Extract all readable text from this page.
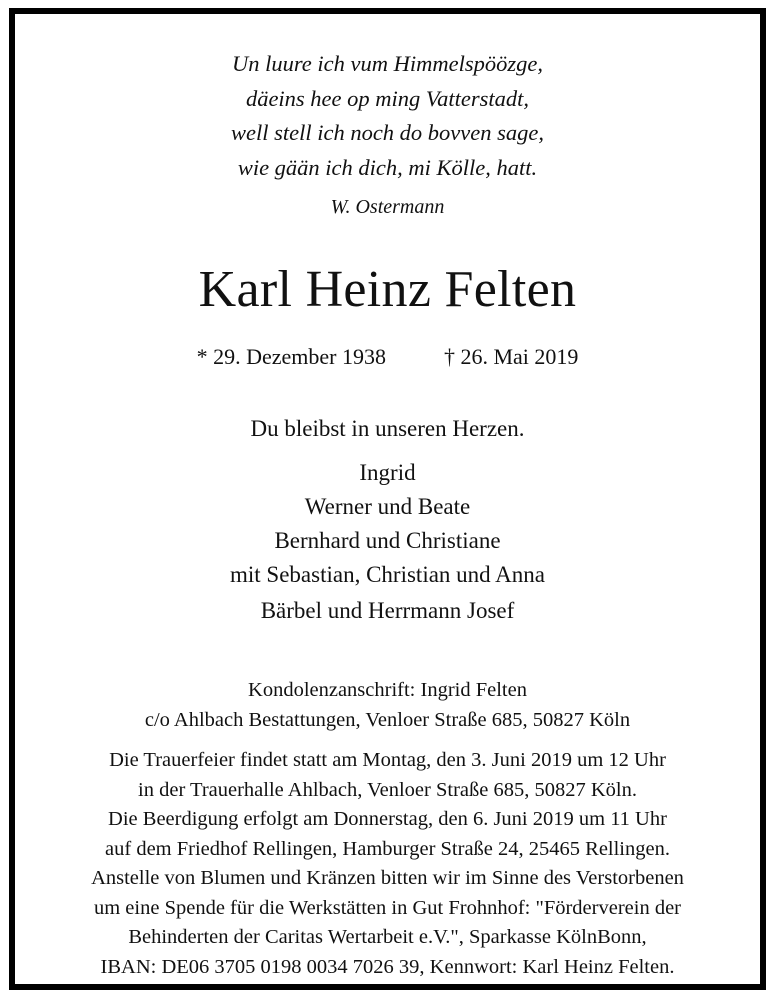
Un luure ich vum Himmelspöözge,
däeins hee op ming Vatterstadt,
well stell ich noch do bovven sage,
wie gään ich dich, mi Kölle, hatt.
W. Ostermann
Karl Heinz Felten
* 29. Dezember 1938	† 26. Mai 2019
Du bleibst in unseren Herzen.
Ingrid
Werner und Beate
Bernhard und Christiane
mit Sebastian, Christian und Anna
Bärbel und Herrmann Josef
Kondolenzanschrift: Ingrid Felten
c/o Ahlbach Bestattungen, Venloer Straße 685, 50827 Köln
Die Trauerfeier findet statt am Montag, den 3. Juni 2019 um 12 Uhr
in der Trauerhalle Ahlbach, Venloer Straße 685, 50827 Köln.
Die Beerdigung erfolgt am Donnerstag, den 6. Juni 2019 um 11 Uhr
auf dem Friedhof Rellingen, Hamburger Straße 24, 25465 Rellingen.
Anstelle von Blumen und Kränzen bitten wir im Sinne des Verstorbenen
um eine Spende für die Werkstätten in Gut Frohnhof: "Förderverein der
Behinderten der Caritas Wertarbeit e.V.", Sparkasse KölnBonn,
IBAN: DE06 3705 0198 0034 7026 39, Kennwort: Karl Heinz Felten.
